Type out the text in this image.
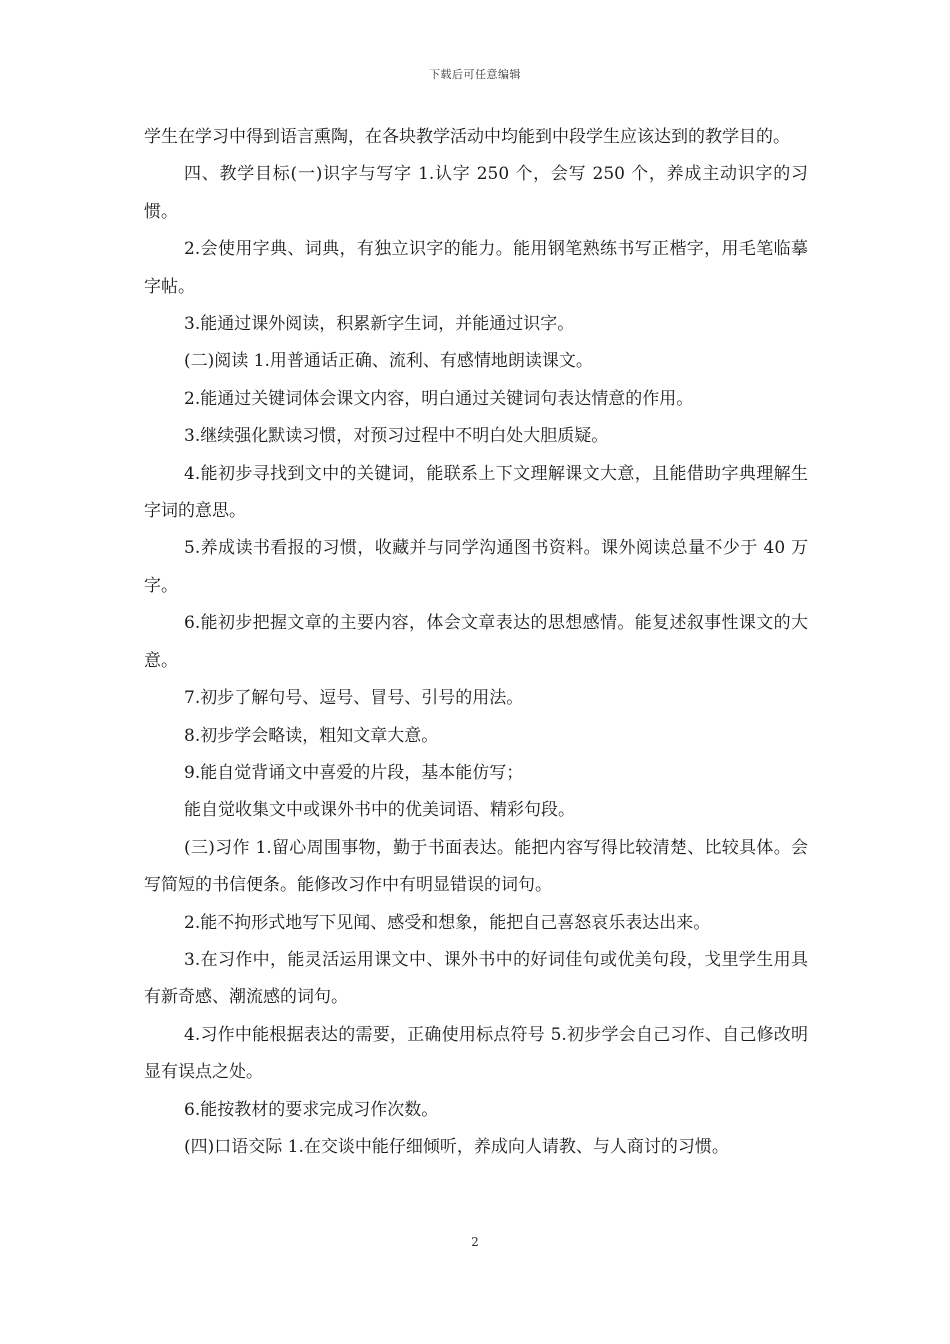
下载后可任意编辑

学生在学习中得到语言熏陶，在各块教学活动中均能到中段学生应该达到的教学目的。

四、教学目标(一)识字与写字 1.认字 250 个，会写 250 个，养成主动识字的习惯。

2.会使用字典、词典，有独立识字的能力。能用钢笔熟练书写正楷字，用毛笔临摹字帖。

3.能通过课外阅读，积累新字生词，并能通过识字。

(二)阅读 1.用普通话正确、流利、有感情地朗读课文。

2.能通过关键词体会课文内容，明白通过关键词句表达情意的作用。

3.继续强化默读习惯，对预习过程中不明白处大胆质疑。

4.能初步寻找到文中的关键词，能联系上下文理解课文大意，且能借助字典理解生字词的意思。

5.养成读书看报的习惯，收藏并与同学沟通图书资料。课外阅读总量不少于 40 万字。

6.能初步把握文章的主要内容，体会文章表达的思想感情。能复述叙事性课文的大意。

7.初步了解句号、逗号、冒号、引号的用法。

8.初步学会略读，粗知文章大意。

9.能自觉背诵文中喜爱的片段，基本能仿写；

能自觉收集文中或课外书中的优美词语、精彩句段。

(三)习作 1.留心周围事物，勤于书面表达。能把内容写得比较清楚、比较具体。会写简短的书信便条。能修改习作中有明显错误的词句。

2.能不拘形式地写下见闻、感受和想象，能把自己喜怒哀乐表达出来。

3.在习作中，能灵活运用课文中、课外书中的好词佳句或优美句段，戈里学生用具有新奇感、潮流感的词句。

4.习作中能根据表达的需要，正确使用标点符号 5.初步学会自己习作、自己修改明显有误点之处。

6.能按教材的要求完成习作次数。

(四)口语交际 1.在交谈中能仔细倾听，养成向人请教、与人商讨的习惯。

2
